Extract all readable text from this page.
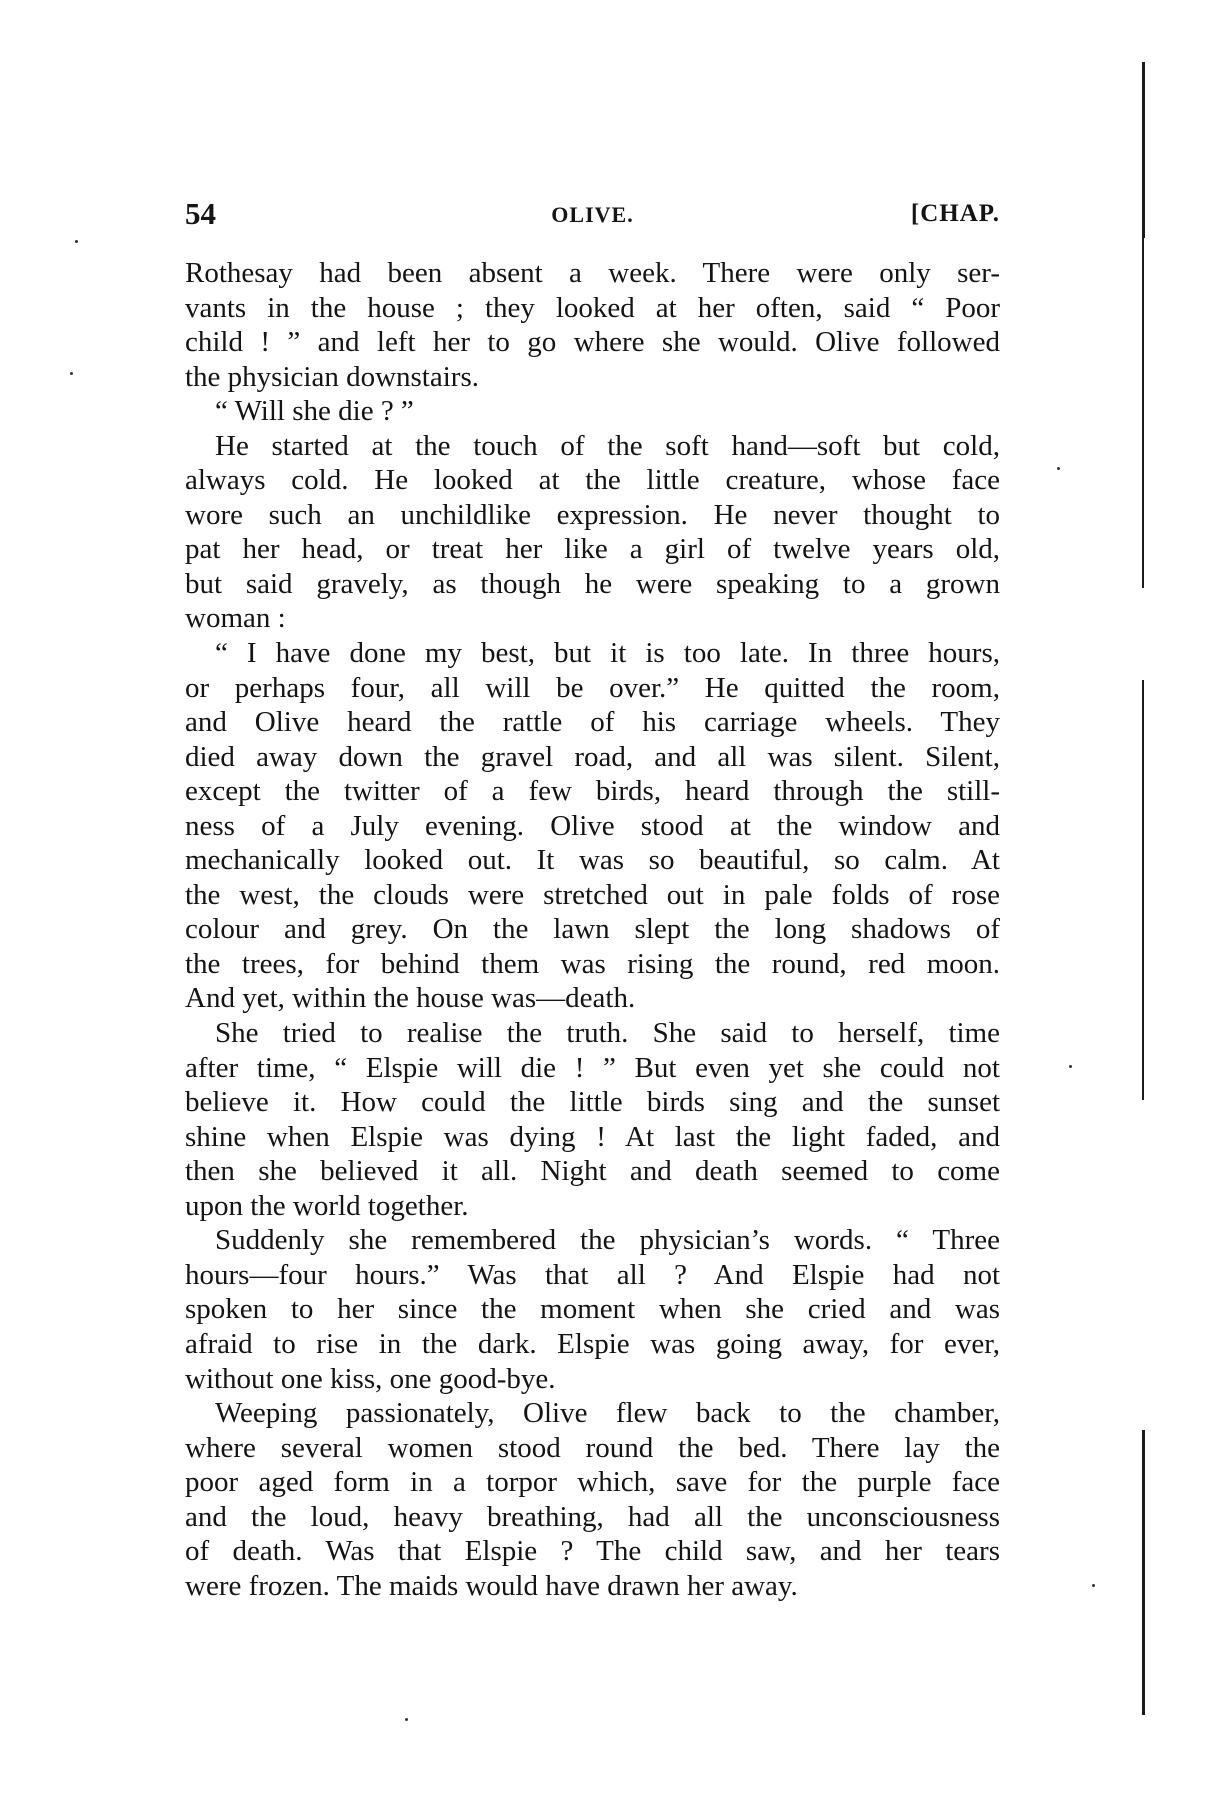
54	OLIVE.	[CHAP.
Rothesay had been absent a week. There were only ser-
vants in the house ; they looked at her often, said “ Poor
child ! ” and left her to go where she would. Olive followed
the physician downstairs.
“ Will she die ? ”
He started at the touch of the soft hand—soft but cold,
always cold. He looked at the little creature, whose face
wore such an unchildlike expression. He never thought to
pat her head, or treat her like a girl of twelve years old,
but said gravely, as though he were speaking to a grown
woman :
“ I have done my best, but it is too late. In three hours,
or perhaps four, all will be over.” He quitted the room,
and Olive heard the rattle of his carriage wheels. They
died away down the gravel road, and all was silent. Silent,
except the twitter of a few birds, heard through the still-
ness of a July evening. Olive stood at the window and
mechanically looked out. It was so beautiful, so calm. At
the west, the clouds were stretched out in pale folds of rose
colour and grey. On the lawn slept the long shadows of
the trees, for behind them was rising the round, red moon.
And yet, within the house was—death.
She tried to realise the truth. She said to herself, time
after time, “ Elspie will die ! ” But even yet she could not
believe it. How could the little birds sing and the sunset
shine when Elspie was dying ! At last the light faded, and
then she believed it all. Night and death seemed to come
upon the world together.
Suddenly she remembered the physician’s words. “ Three
hours—four hours.” Was that all ? And Elspie had not
spoken to her since the moment when she cried and was
afraid to rise in the dark. Elspie was going away, for ever,
without one kiss, one good-bye.
Weeping passionately, Olive flew back to the chamber,
where several women stood round the bed. There lay the
poor aged form in a torpor which, save for the purple face
and the loud, heavy breathing, had all the unconsciousness
of death. Was that Elspie ? The child saw, and her tears
were frozen. The maids would have drawn her away.
